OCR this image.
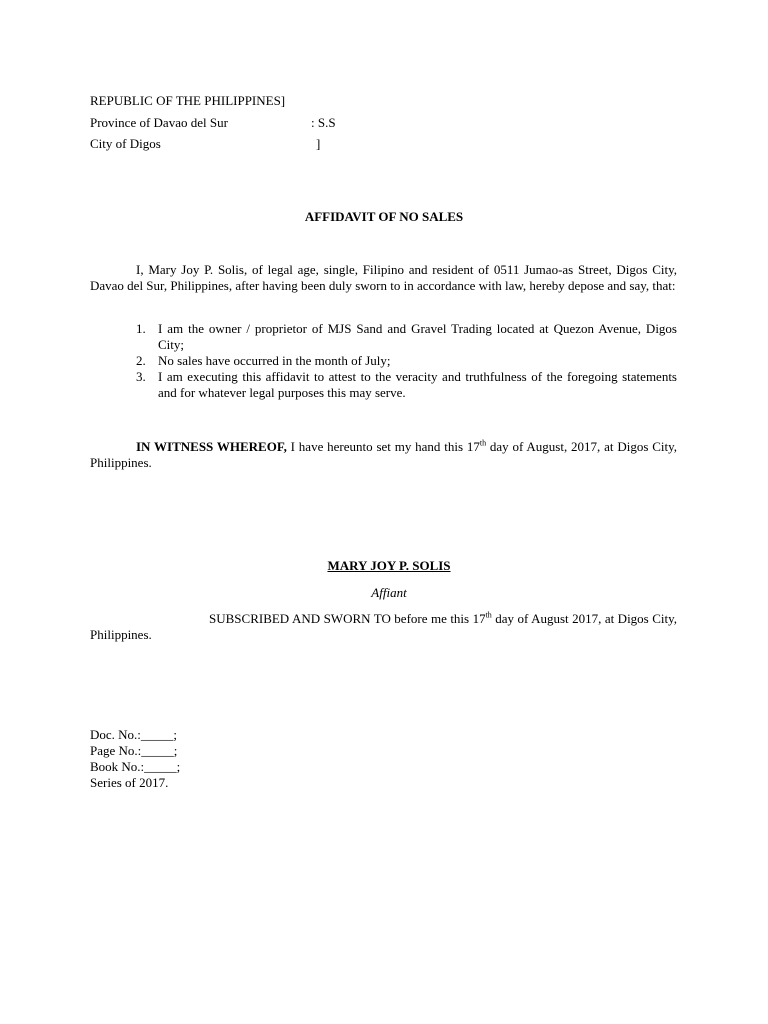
REPUBLIC OF THE PHILIPPINES]
Province of Davao del Sur	: S.S
City of Digos	]
AFFIDAVIT OF NO SALES
I, Mary Joy P. Solis, of legal age, single, Filipino and resident of 0511 Jumao-as Street, Digos City, Davao del Sur, Philippines, after having been duly sworn to in accordance with law, hereby depose and say, that:
1. I am the owner / proprietor of MJS Sand and Gravel Trading located at Quezon Avenue, Digos City;
2. No sales have occurred in the month of July;
3. I am executing this affidavit to attest to the veracity and truthfulness of the foregoing statements and for whatever legal purposes this may serve.
IN WITNESS WHEREOF, I have hereunto set my hand this 17th day of August, 2017, at Digos City, Philippines.
MARY JOY P. SOLIS
Affiant
SUBSCRIBED AND SWORN TO before me this 17th day of August 2017, at Digos City, Philippines.
Doc. No.:_____;
Page No.:_____;
Book No.:_____;
Series of 2017.
